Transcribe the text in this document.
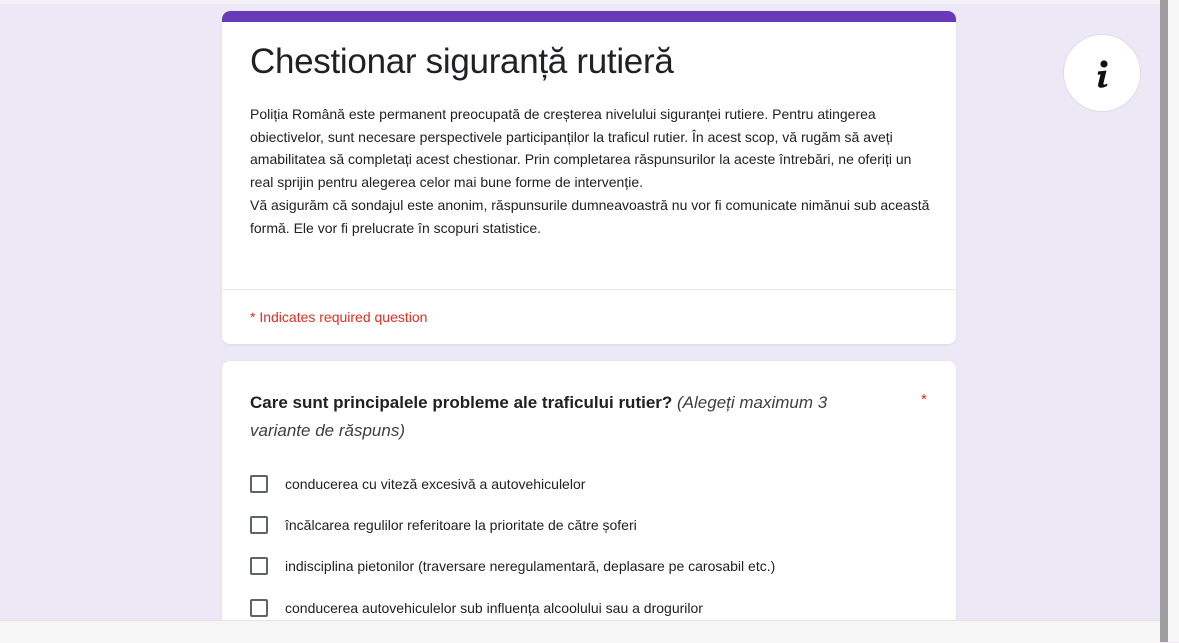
Chestionar siguranță rutieră
Poliția Română este permanent preocupată de creșterea nivelului siguranței rutiere. Pentru atingerea obiectivelor, sunt necesare perspectivele participanților la traficul rutier. În acest scop, vă rugăm să aveți amabilitatea să completați acest chestionar. Prin completarea răspunsurilor la aceste întrebări, ne oferiți un real sprijin pentru alegerea celor mai bune forme de intervenție.
Vă asigurăm că sondajul este anonim, răspunsurile dumneavoastră nu vor fi comunicate nimănui sub această formă. Ele vor fi prelucrate în scopuri statistice.
* Indicates required question
Care sunt principalele probleme ale traficului rutier? (Alegeți maximum 3 variante de răspuns)
*
conducerea cu viteză excesivă a autovehiculelor
încălcarea regulilor referitoare la prioritate de către șoferi
indisciplina pietonilor (traversare neregulamentară, deplasare pe carosabil etc.)
conducerea autovehiculelor sub influența alcoolului sau a drogurilor
